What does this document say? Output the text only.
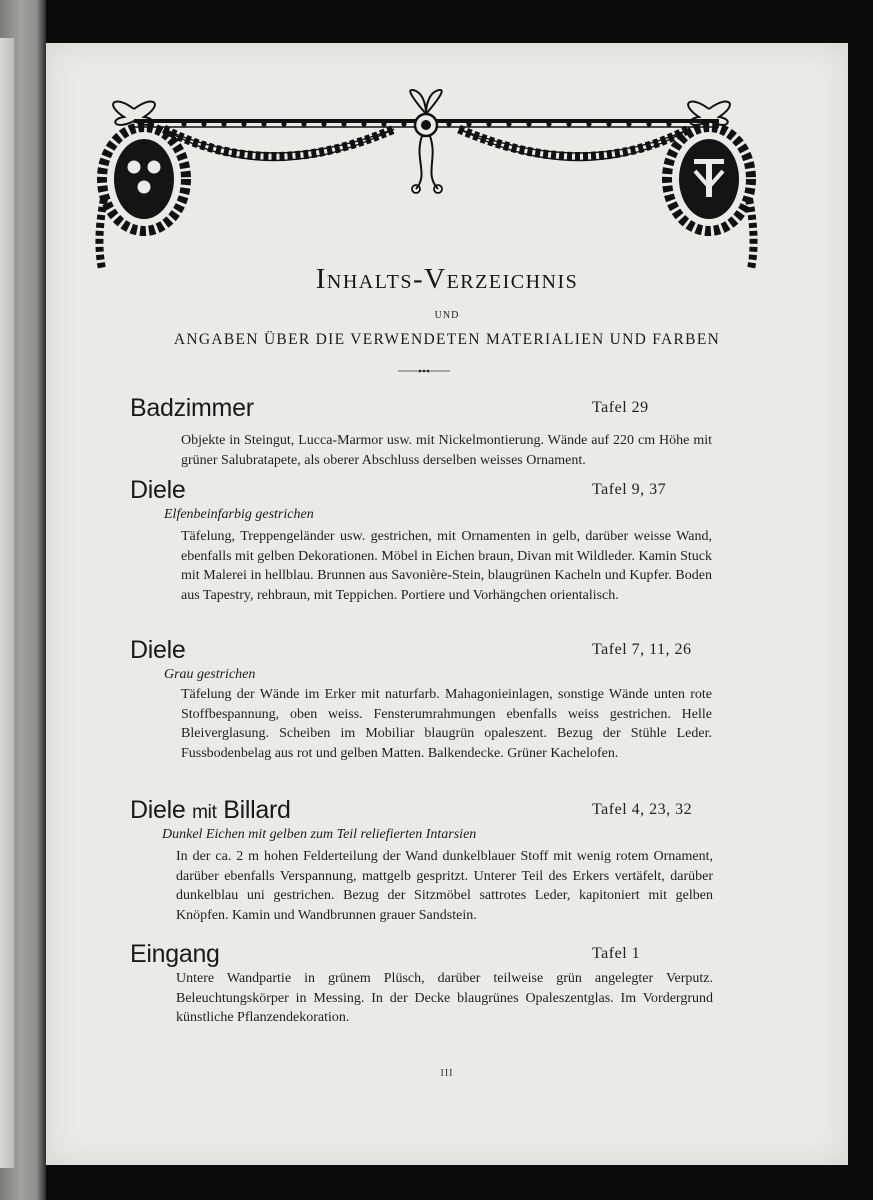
Inhalts-Verzeichnis
UND
ANGABEN ÜBER DIE VERWENDETEN MATERIALIEN UND FARBEN
Badzimmer	Tafel 29
Objekte in Steingut, Lucca-Marmor usw. mit Nickelmontierung. Wände auf 220 cm Höhe mit grüner Salubratapete, als oberer Abschluss derselben weisses Ornament.
Diele	Tafel 9, 37
Elfenbeinfarbig gestrichen
Täfelung, Treppengeländer usw. gestrichen, mit Ornamenten in gelb, darüber weisse Wand, ebenfalls mit gelben Dekorationen. Möbel in Eichen braun, Divan mit Wildleder. Kamin Stuck mit Malerei in hellblau. Brunnen aus Savonière-Stein, blaugrünen Kacheln und Kupfer. Boden aus Tapestry, rehbraun, mit Teppichen. Portiere und Vorhängchen orientalisch.
Diele	Tafel 7, 11, 26
Grau gestrichen
Täfelung der Wände im Erker mit naturfarb. Mahagonieinlagen, sonstige Wände unten rote Stoffbespannung, oben weiss. Fensterumrahmungen ebenfalls weiss gestrichen. Helle Bleiverglasung. Scheiben im Mobiliar blaugrün opaleszent. Bezug der Stühle Leder. Fussbodenbelag aus rot und gelben Matten. Balkendecke. Grüner Kachelofen.
Diele mit Billard	Tafel 4, 23, 32
Dunkel Eichen mit gelben zum Teil reliefierten Intarsien
In der ca. 2 m hohen Felderteilung der Wand dunkelblauer Stoff mit wenig rotem Ornament, darüber ebenfalls Verspannung, mattgelb gespritzt. Unterer Teil des Erkers vertäfelt, darüber dunkelblau uni gestrichen. Bezug der Sitzmöbel sattrotes Leder, kapitoniert mit gelben Knöpfen. Kamin und Wandbrunnen grauer Sandstein.
Eingang	Tafel 1
Untere Wandpartie in grünem Plüsch, darüber teilweise grün angelegter Verputz. Beleuchtungskörper in Messing. In der Decke blaugrünes Opaleszentglas. Im Vordergrund künstliche Pflanzendekoration.
III
